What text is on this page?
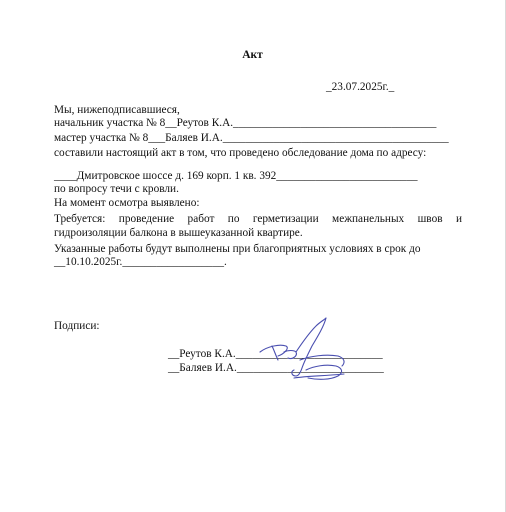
Акт
_23.07.2025г._
Мы, нижеподписавшиеся,
начальник участка № 8__Реутов К.А.____________________________________
мастер участка № 8___Баляев И.А.________________________________________
составили настоящий акт в том, что проведено обследование дома по адресу:
____Дмитровское шоссе д. 169 корп. 1 кв. 392_________________________
по вопросу течи с кровли.
На момент осмотра выявлено:
Требуется: проведение работ по герметизации межпанельных швов и
гидроизоляции балкона в вышеуказанной квартире.
Указанные работы будут выполнены при благоприятных условиях в срок до
__10.10.2025г.__________________.
Подписи:
__Реутов К.А.__________________________
__Баляев И.А.__________________________
